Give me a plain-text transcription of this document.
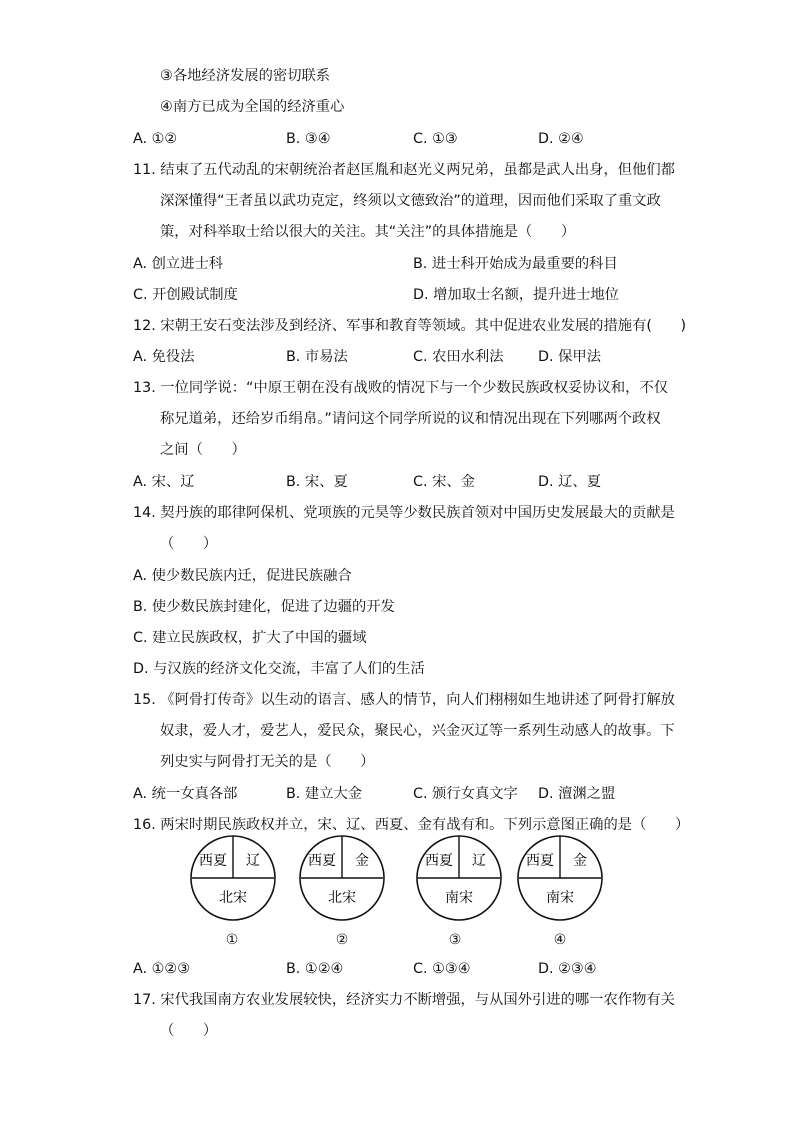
③各地经济发展的密切联系
④南方已成为全国的经济重心
A. ①②	B. ③④	C. ①③	D. ②④
11. 结束了五代动乱的宋朝统治者赵匡胤和赵光义两兄弟，虽都是武人出身，但他们都
深深懂得“王者虽以武功克定，终须以文德致治”的道理，因而他们采取了重文政
策，对科举取士给以很大的关注。其“关注”的具体措施是（　　）
A. 创立进士科	B. 进士科开始成为最重要的科目
C. 开创殿试制度	D. 增加取士名额，提升进士地位
12. 宋朝王安石变法涉及到经济、军事和教育等领域。其中促进农业发展的措施有(　　)
A. 免役法	B. 市易法	C. 农田水利法 D. 保甲法
13. 一位同学说：“中原王朝在没有战败的情况下与一个少数民族政权妥协议和，不仅
称兄道弟，还给岁币绢帛。”请问这个同学所说的议和情况出现在下列哪两个政权
之间（　　）
A. 宋、辽	B. 宋、夏	C. 宋、金	D. 辽、夏
14. 契丹族的耶律阿保机、党项族的元昊等少数民族首领对中国历史发展最大的贡献是
（　　）
A. 使少数民族内迁，促进民族融合
B. 使少数民族封建化，促进了边疆的开发
C. 建立民族政权，扩大了中国的疆域
D. 与汉族的经济文化交流，丰富了人们的生活
15. 《阿骨打传奇》以生动的语言、感人的情节，向人们栩栩如生地讲述了阿骨打解放
奴隶，爱人才，爱艺人，爱民众，聚民心，兴金灭辽等一系列生动感人的故事。下
列史实与阿骨打无关的是（　　）
A. 统一女真各部	B. 建立大金	C. 颁行女真文字 D. 澶渊之盟
16. 两宋时期民族政权并立，宋、辽、西夏、金有战有和。下列示意图正确的是（　　）
西夏 辽
北宋
①
西夏 金
北宋
②
西夏 辽
南宋
③
西夏 金
南宋
④
A. ①②③	B. ①②④	C. ①③④	D. ②③④
17. 宋代我国南方农业发展较快，经济实力不断增强，与从国外引进的哪一农作物有关
（　　）
